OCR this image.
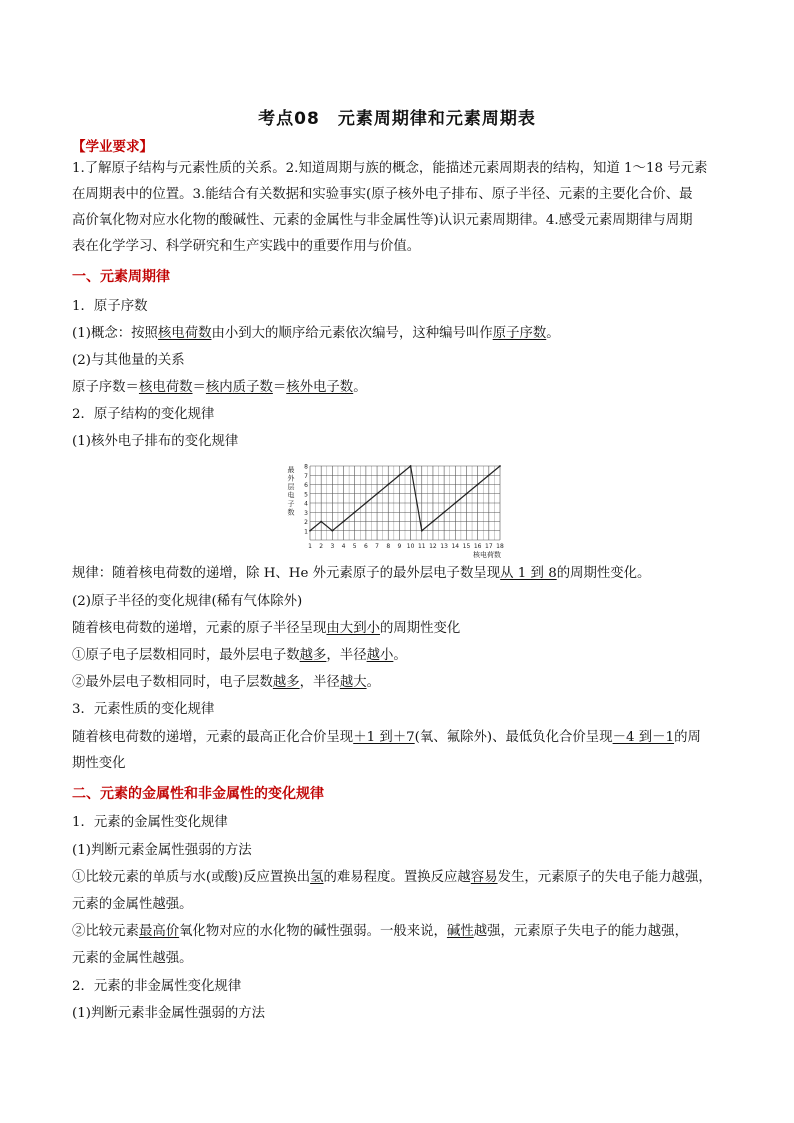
考点08　元素周期律和元素周期表
【学业要求】
1.了解原子结构与元素性质的关系。2.知道周期与族的概念，能描述元素周期表的结构，知道 1～18 号元素
在周期表中的位置。3.能结合有关数据和实验事实(原子核外电子排布、原子半径、元素的主要化合价、最
高价氧化物对应水化物的酸碱性、元素的金属性与非金属性等)认识元素周期律。4.感受元素周期律与周期
表在化学学习、科学研究和生产实践中的重要作用与价值。
一、元素周期律
1．原子序数
(1)概念：按照核电荷数由小到大的顺序给元素依次编号，这种编号叫作原子序数。
(2)与其他量的关系
原子序数＝核电荷数＝核内质子数＝核外电子数。
2．原子结构的变化规律
(1)核外电子排布的变化规律
1
2
3
4
5
6
7
8
1 2 3 4 5 6 7 8 9 10 11 12 13 14 15 16 17 18
最
外
层
电
子
数
核电荷数
规律：随着核电荷数的递增，除 H、He 外元素原子的最外层电子数呈现从 1 到 8的周期性变化。
(2)原子半径的变化规律(稀有气体除外)
随着核电荷数的递增，元素的原子半径呈现由大到小的周期性变化
①原子电子层数相同时，最外层电子数越多，半径越小。
②最外层电子数相同时，电子层数越多，半径越大。
3．元素性质的变化规律
随着核电荷数的递增，元素的最高正化合价呈现＋1 到＋7(氧、氟除外)、最低负化合价呈现－4 到－1的周
期性变化
二、元素的金属性和非金属性的变化规律
1．元素的金属性变化规律
(1)判断元素金属性强弱的方法
①比较元素的单质与水(或酸)反应置换出氢的难易程度。置换反应越容易发生，元素原子的失电子能力越强，
元素的金属性越强。
②比较元素最高价氧化物对应的水化物的碱性强弱。一般来说，碱性越强，元素原子失电子的能力越强，
元素的金属性越强。
2．元素的非金属性变化规律
(1)判断元素非金属性强弱的方法
